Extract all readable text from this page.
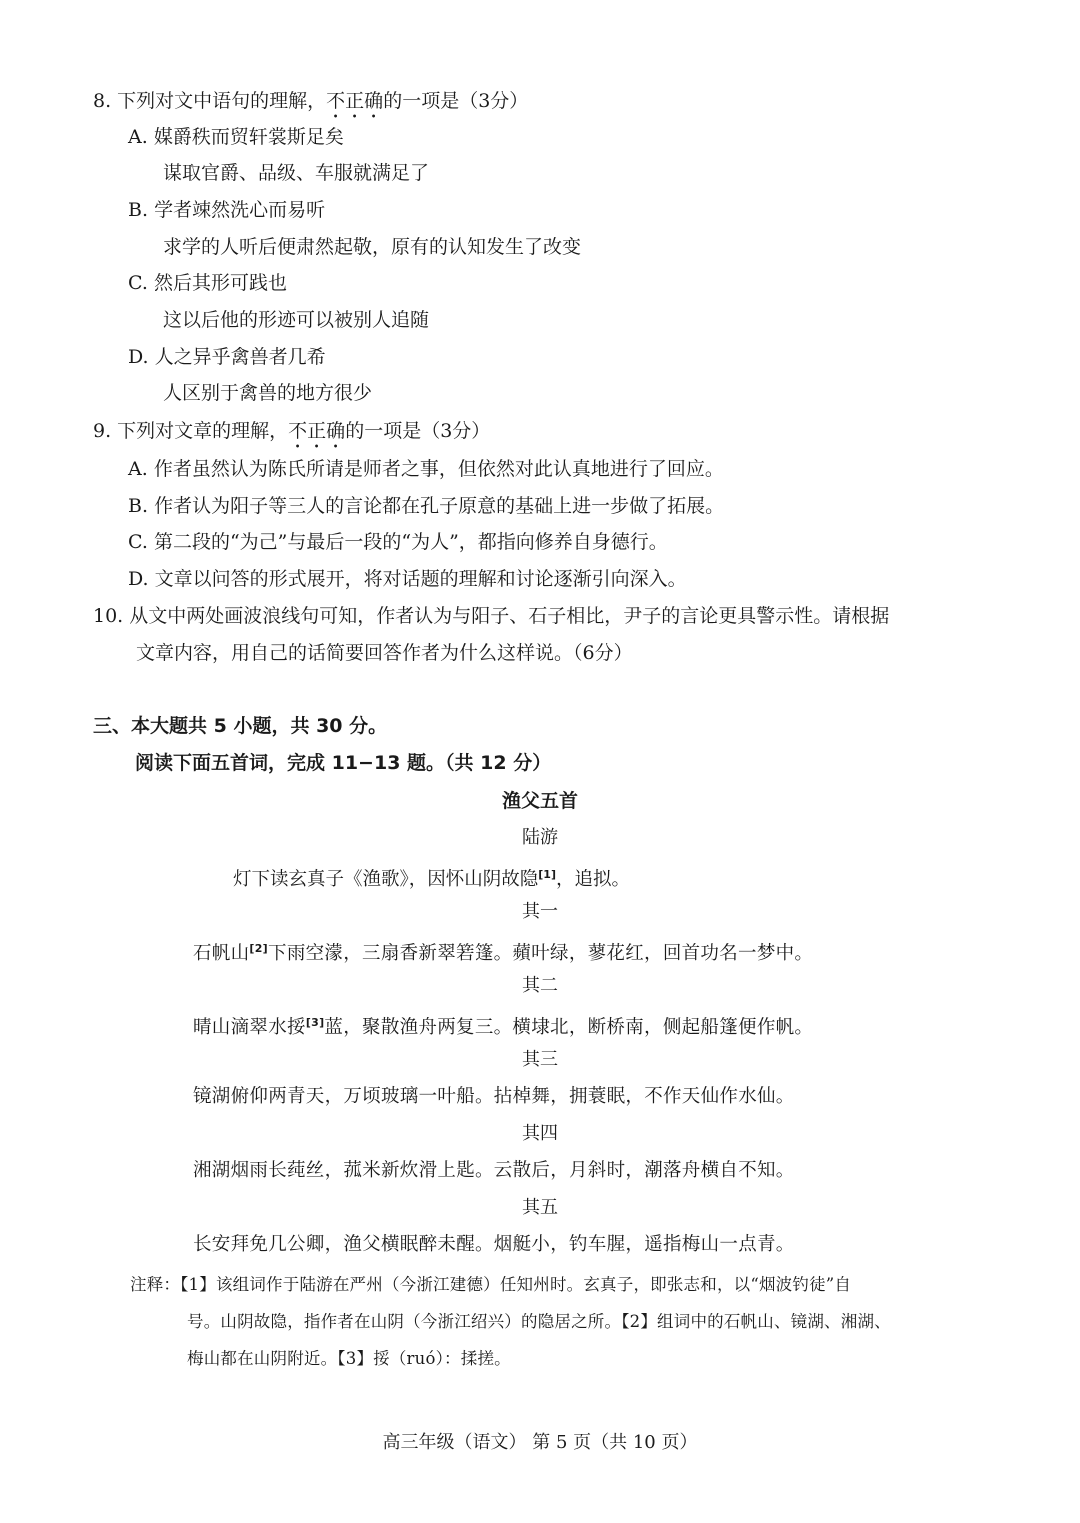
8. 下列对文中语句的理解，不正确的一项是（3分）
A. 媒爵秩而贸轩裳斯足矣
谋取官爵、品级、车服就满足了
B. 学者竦然洗心而易听
求学的人听后便肃然起敬，原有的认知发生了改变
C. 然后其形可践也
这以后他的形迹可以被别人追随
D. 人之异乎禽兽者几希
人区别于禽兽的地方很少
9. 下列对文章的理解，不正确的一项是（3分）
A. 作者虽然认为陈氏所请是师者之事，但依然对此认真地进行了回应。
B. 作者认为阳子等三人的言论都在孔子原意的基础上进一步做了拓展。
C. 第二段的“为己”与最后一段的“为人”，都指向修养自身德行。
D. 文章以问答的形式展开，将对话题的理解和讨论逐渐引向深入。
10. 从文中两处画波浪线句可知，作者认为与阳子、石子相比，尹子的言论更具警示性。请根据
文章内容，用自己的话简要回答作者为什么这样说。（6分）
三、本大题共 5 小题，共 30 分。
阅读下面五首词，完成 11−13 题。（共 12 分）
渔父五首
陆游
灯下读玄真子《渔歌》，因怀山阴故隐[1]，追拟。
其一
石帆山[2]下雨空濛，三扇香新翠箬篷。蘋叶绿，蓼花红，回首功名一梦中。
其二
晴山滴翠水挼[3]蓝，聚散渔舟两复三。横埭北，断桥南，侧起船篷便作帆。
其三
镜湖俯仰两青天，万顷玻璃一叶船。拈棹舞，拥蓑眠，不作天仙作水仙。
其四
湘湖烟雨长莼丝，菰米新炊滑上匙。云散后，月斜时，潮落舟横自不知。
其五
长安拜免几公卿，渔父横眠醉未醒。烟艇小，钓车腥，遥指梅山一点青。
注释：【1】该组词作于陆游在严州（今浙江建德）任知州时。玄真子，即张志和，以“烟波钓徒”自
号。山阴故隐，指作者在山阴（今浙江绍兴）的隐居之所。【2】组词中的石帆山、镜湖、湘湖、
梅山都在山阴附近。【3】挼（ruó）：揉搓。
高三年级（语文） 第 5 页（共 10 页）
